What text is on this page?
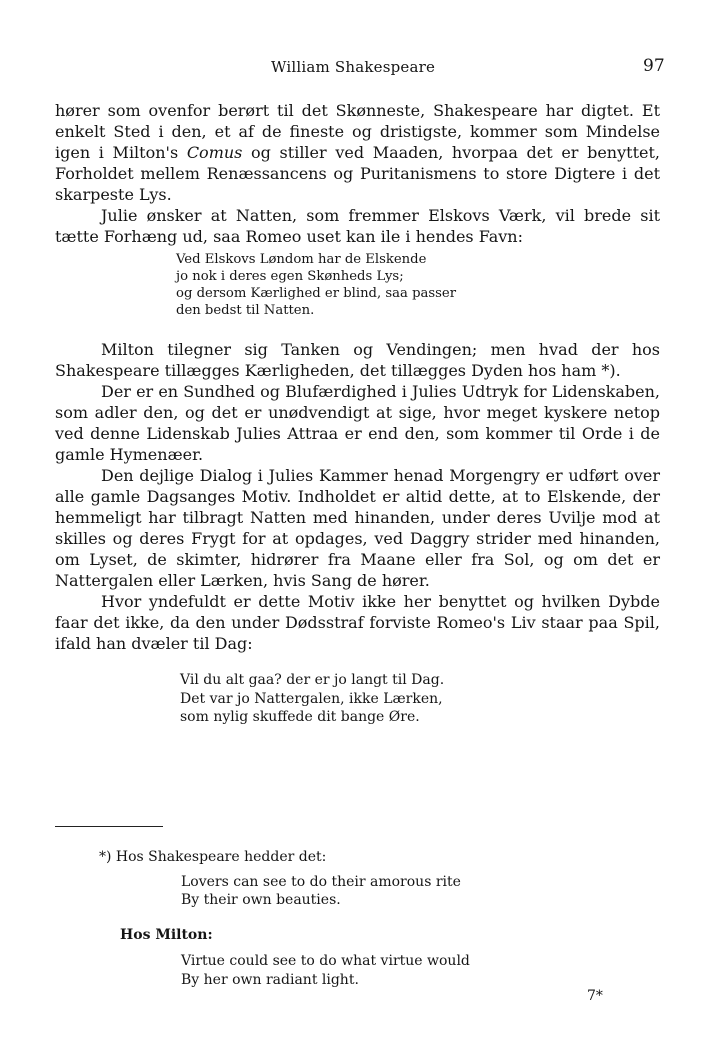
William Shakespeare	97

hører som ovenfor berørt til det Skønneste, Shakespeare har digtet. Et enkelt Sted i den, et af de fineste og dristigste, kommer som Mindelse igen i Milton's Comus og stiller ved Maaden, hvorpaa det er benyttet, Forholdet mellem Renæssancens og Puritanismens to store Digtere i det skarpeste Lys.

Julie ønsker at Natten, som fremmer Elskovs Værk, vil brede sit tætte Forhæng ud, saa Romeo uset kan ile i hendes Favn:

Ved Elskovs Løndom har de Elskende
jo nok i deres egen Skønheds Lys;
og dersom Kærlighed er blind, saa passer
den bedst til Natten.

Milton tilegner sig Tanken og Vendingen; men hvad der hos Shakespeare tillægges Kærligheden, det tillægges Dyden hos ham *).

Der er en Sundhed og Blufærdighed i Julies Udtryk for Lidenskaben, som adler den, og det er unødvendigt at sige, hvor meget kyskere netop ved denne Lidenskab Julies Attraa er end den, som kommer til Orde i de gamle Hymenæer.

Den dejlige Dialog i Julies Kammer henad Morgengry er udført over alle gamle Dagsanges Motiv. Indholdet er altid dette, at to Elskende, der hemmeligt har tilbragt Natten med hinanden, under deres Uvilje mod at skilles og deres Frygt for at opdages, ved Daggry strider med hinanden, om Lyset, de skimter, hidrører fra Maane eller fra Sol, og om det er Nattergalen eller Lærken, hvis Sang de hører.

Hvor yndefuldt er dette Motiv ikke her benyttet og hvilken Dybde faar det ikke, da den under Dødsstraf forviste Romeo's Liv staar paa Spil, ifald han dvæler til Dag:

Vil du alt gaa? der er jo langt til Dag.
Det var jo Nattergalen, ikke Lærken,
som nylig skuffede dit bange Øre.

*) Hos Shakespeare hedder det:

Lovers can see to do their amorous rite
By their own beauties.

Hos Milton:

Virtue could see to do what virtue would
By her own radiant light.
7*
